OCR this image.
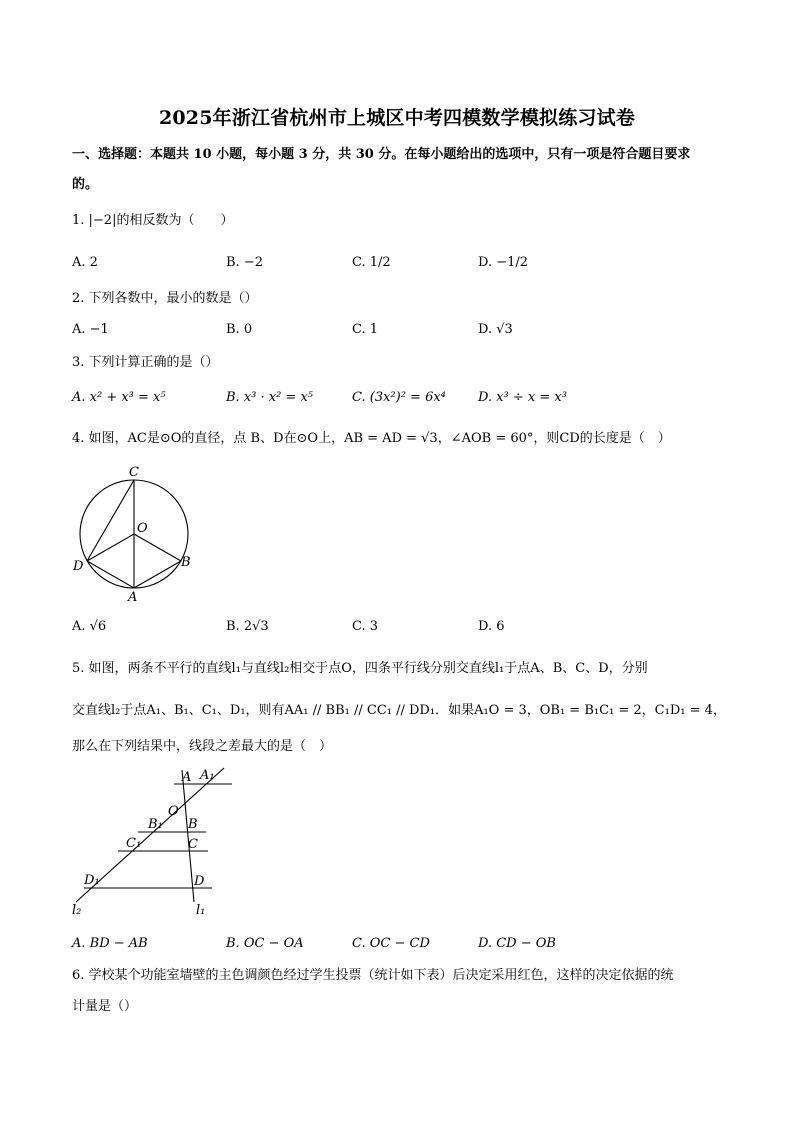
2025年浙江省杭州市上城区中考四模数学模拟练习试卷
一、选择题：本题共 10 小题，每小题 3 分，共 30 分。在每小题给出的选项中，只有一项是符合题目要求
的。
1. |−2|的相反数为（　　）
A. 2	B. −2	C. 1/2	D. −1/2
2. 下列各数中，最小的数是（）
A. −1	B. 0	C. 1	D. √3
3. 下列计算正确的是（）
A. x² + x³ = x⁵	B. x³ · x² = x⁵	C. (3x²)² = 6x⁴ D. x³ ÷ x = x³
4. 如图，AC是⊙O的直径，点 B、D在⊙O上，AB = AD = √3，∠AOB = 60°，则CD的长度是（　）
C
O
D	B
A
A. √6	B. 2√3	C. 3	D. 6
5. 如图，两条不平行的直线l₁与直线l₂相交于点O，四条平行线分别交直线l₁于点A、B、C、D，分别
交直线l₂于点A₁、B₁、C₁、D₁，则有AA₁ // BB₁ // CC₁ // DD₁．如果A₁O = 3，OB₁ = B₁C₁ = 2，C₁D₁ = 4，
那么在下列结果中，线段之差最大的是（　）
A A₁
O
B₁ B
C₁	C
D₁	D
l₂	l₁
A. BD − AB	B. OC − OA	C. OC − CD	D. CD − OB
6. 学校某个功能室墙壁的主色调颜色经过学生投票（统计如下表）后决定采用红色，这样的决定依据的统
计量是（）
